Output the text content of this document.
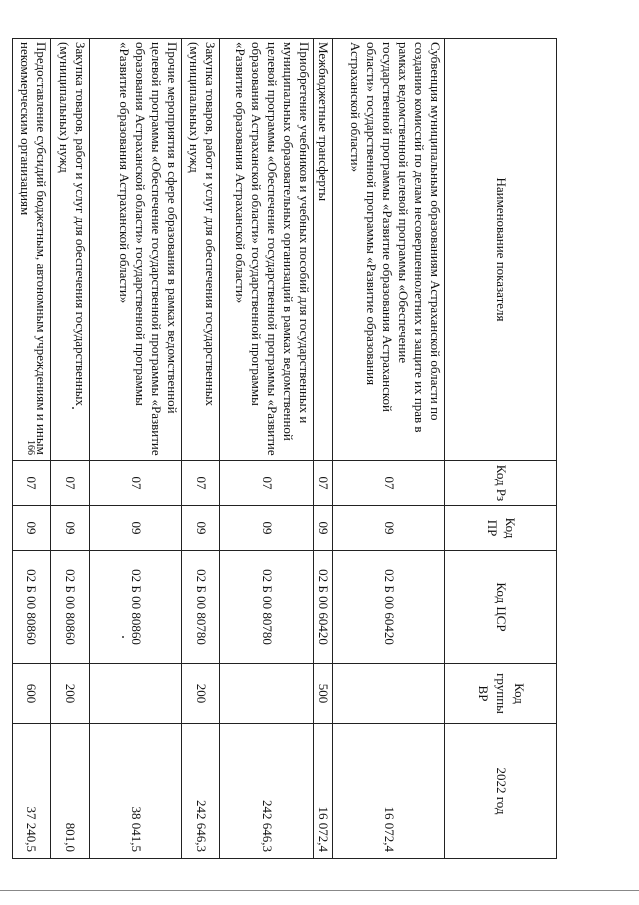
166
Наименование показателя	Код Рз	Код ПР	Код ЦСР	Код группы ВР	2022 год
Субвенция муниципальным образованиям Астраханской области по созданию комиссий по делам несовершеннолетних и защите их прав в рамках ведомственной целевой программы «Обеспечение государственной программы «Развитие образования Астраханской области» государственной программы «Развитие образования Астраханской области»	07	09	02 Б 00 60420		16 072,4
Межбюджетные трансферты	07	09	02 Б 00 60420	500	16 072,4
Приобретение учебников и учебных пособий для государственных и муниципальных образовательных организаций в рамках ведомственной целевой программы «Обеспечение государственной программы «Развитие образования Астраханской области» государственной программы «Развитие образования Астраханской области»	07	09	02 Б 00 80780		242 646,3
Закупка товаров, работ и услуг для обеспечения государственных (муниципальных) нужд	07	09	02 Б 00 80780	200	242 646,3
Прочие мероприятия в сфере образования в рамках ведомственной целевой программы «Обеспечение государственной программы «Развитие образования Астраханской области» государственной программы «Развитие образования Астраханской области»	07	09	02 Б 00 80860		38 041,5
Закупка товаров, работ и услуг для обеспечения государственных (муниципальных) нужд	07	09	02 Б 00 80860	200	801,0
Предоставление субсидий бюджетным, автономным учреждениям и иным некоммерческим организациям	07	09	02 Б 00 80860	600	37 240,5
